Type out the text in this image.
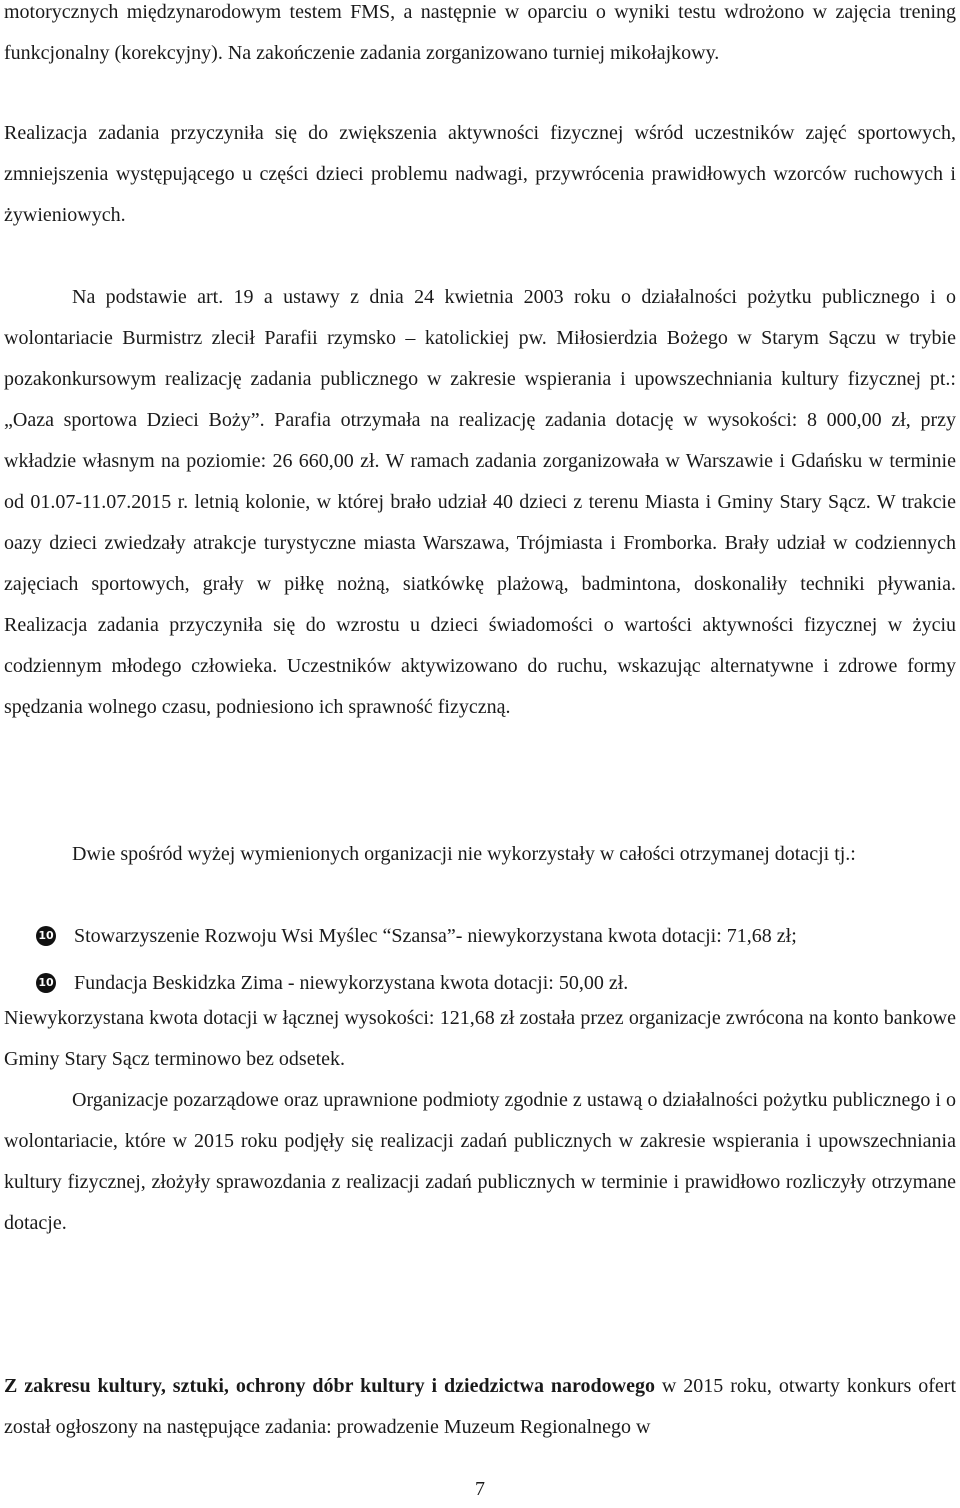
motorycznych międzynarodowym testem FMS, a następnie w oparciu o wyniki testu wdrożono w zajęcia trening funkcjonalny (korekcyjny). Na zakończenie zadania zorganizowano turniej mikołajkowy.

Realizacja zadania przyczyniła się do zwiększenia aktywności fizycznej wśród uczestników zajęć sportowych, zmniejszenia występującego u części dzieci problemu nadwagi, przywrócenia prawidłowych wzorców ruchowych i żywieniowych.

Na podstawie art. 19 a ustawy z dnia 24 kwietnia 2003 roku o działalności pożytku publicznego i o wolontariacie Burmistrz zlecił Parafii rzymsko – katolickiej pw. Miłosierdzia Bożego w Starym Sączu w trybie pozakonkursowym realizację zadania publicznego w zakresie wspierania i upowszechniania kultury fizycznej pt.: „Oaza sportowa Dzieci Boży”. Parafia otrzymała na realizację zadania dotację w wysokości: 8 000,00 zł, przy wkładzie własnym na poziomie: 26 660,00 zł. W ramach zadania zorganizowała w Warszawie i Gdańsku w terminie od 01.07-11.07.2015 r. letnią kolonie, w której brało udział 40 dzieci z terenu Miasta i Gminy Stary Sącz. W trakcie oazy dzieci zwiedzały atrakcje turystyczne miasta Warszawa, Trójmiasta i Fromborka. Brały udział w codziennych zajęciach sportowych, grały w piłkę nożną, siatkówkę plażową, badmintona, doskonaliły techniki pływania. Realizacja zadania przyczyniła się do wzrostu u dzieci świadomości o wartości aktywności fizycznej w życiu codziennym młodego człowieka. Uczestników aktywizowano do ruchu, wskazując alternatywne i zdrowe formy spędzania wolnego czasu, podniesiono ich sprawność fizyczną.

Dwie spośród wyżej wymienionych organizacji nie wykorzystały w całości otrzymanej dotacji tj.:

10 Stowarzyszenie Rozwoju Wsi Myślec “Szansa”- niewykorzystana kwota dotacji: 71,68 zł;
10 Fundacja Beskidzka Zima - niewykorzystana kwota dotacji: 50,00 zł.

Niewykorzystana kwota dotacji w łącznej wysokości: 121,68 zł została przez organizacje zwrócona na konto bankowe Gminy Stary Sącz terminowo bez odsetek.

Organizacje pozarządowe oraz uprawnione podmioty zgodnie z ustawą o działalności pożytku publicznego i o wolontariacie, które w 2015 roku podjęły się realizacji zadań publicznych w zakresie wspierania i upowszechniania kultury fizycznej, złożyły sprawozdania z realizacji zadań publicznych w terminie i prawidłowo rozliczyły otrzymane dotacje.

Z zakresu kultury, sztuki, ochrony dóbr kultury i dziedzictwa narodowego w 2015 roku, otwarty konkurs ofert został ogłoszony na następujące zadania: prowadzenie Muzeum Regionalnego w

7
